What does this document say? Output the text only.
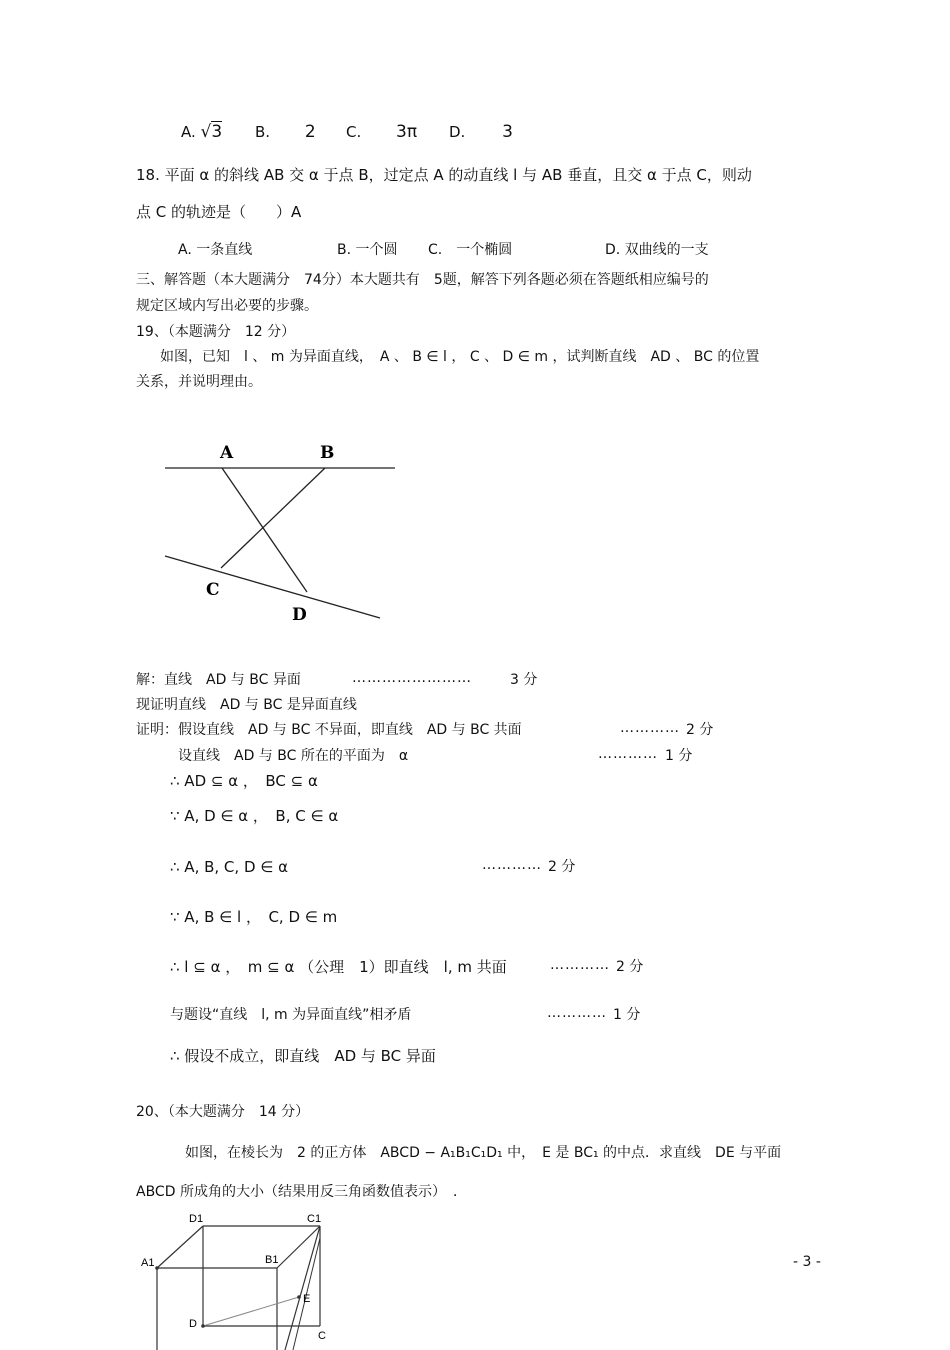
A. √3 B. 2 C. 3π D. 3
18. 平面 α 的斜线 AB 交 α 于点 B，过定点 A 的动直线 l 与 AB 垂直，且交 α 于点 C，则动
点 C 的轨迹是（　　）A
A. 一条直线	B. 一个圆 C.　一个椭圆	D. 双曲线的一支
三、解答题（本大题满分　74分）本大题共有　5题，解答下列各题必须在答题纸相应编号的
规定区域内写出必要的步骤。
19、（本题满分　12 分）
如图，已知　l 、 m 为异面直线，　A 、 B ∈ l ， C 、 D ∈ m ，试判断直线　AD 、 BC 的位置
关系，并说明理由。
A	B
C
D
解：直线　AD 与 BC 异面	……………………	3 分
现证明直线　AD 与 BC 是异面直线
证明：假设直线　AD 与 BC 不异面，即直线　AD 与 BC 共面	………… 2 分
设直线　AD 与 BC 所在的平面为　α	………… 1 分
∴ AD ⊆ α ，　BC ⊆ α
∵ A, D ∈ α ，　B, C ∈ α
∴ A, B, C, D ∈ α	………… 2 分
∵ A, B ∈ l ，　C, D ∈ m
∴ l ⊆ α ，　m ⊆ α （公理　1）即直线　l, m 共面	………… 2 分
与题设“直线　l, m 为异面直线”相矛盾	………… 1 分
∴ 假设不成立，即直线　AD 与 BC 异面
20、（本大题满分　14 分）
如图，在棱长为　2 的正方体　ABCD − A₁B₁C₁D₁ 中，　E 是 BC₁ 的中点．求直线　DE 与平面
ABCD 所成角的大小（结果用反三角函数值表示）　．
D1	C1
A1	B1
E
D
C
- 3 -
